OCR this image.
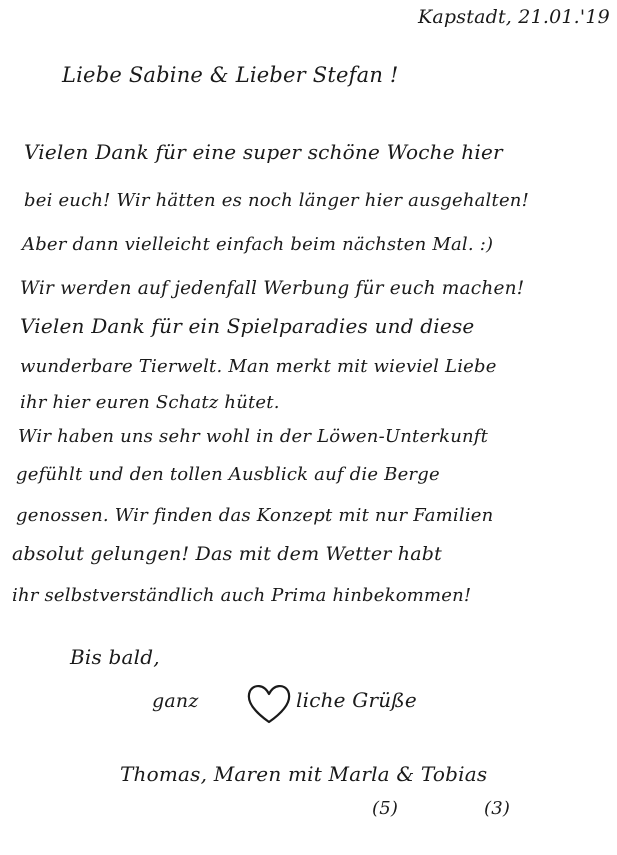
Kapstadt, 21.01.'19
Liebe Sabine & Lieber Stefan !
Vielen Dank für eine super schöne Woche hier
bei euch! Wir hätten es noch länger hier ausgehalten!
Aber dann vielleicht einfach beim nächsten Mal. :)
Wir werden auf jedenfall Werbung für euch machen!
Vielen Dank für ein Spielparadies und diese
wunderbare Tierwelt. Man merkt mit wieviel Liebe
ihr hier euren Schatz hütet.
Wir haben uns sehr wohl in der Löwen-Unterkunft
gefühlt und den tollen Ausblick auf die Berge
genossen. Wir finden das Konzept mit nur Familien
absolut gelungen! Das mit dem Wetter habt
ihr selbstverständlich auch Prima hinbekommen!
Bis bald,
ganz	liche Grüße
Thomas, Maren mit Marla & Tobias
(5)	(3)
